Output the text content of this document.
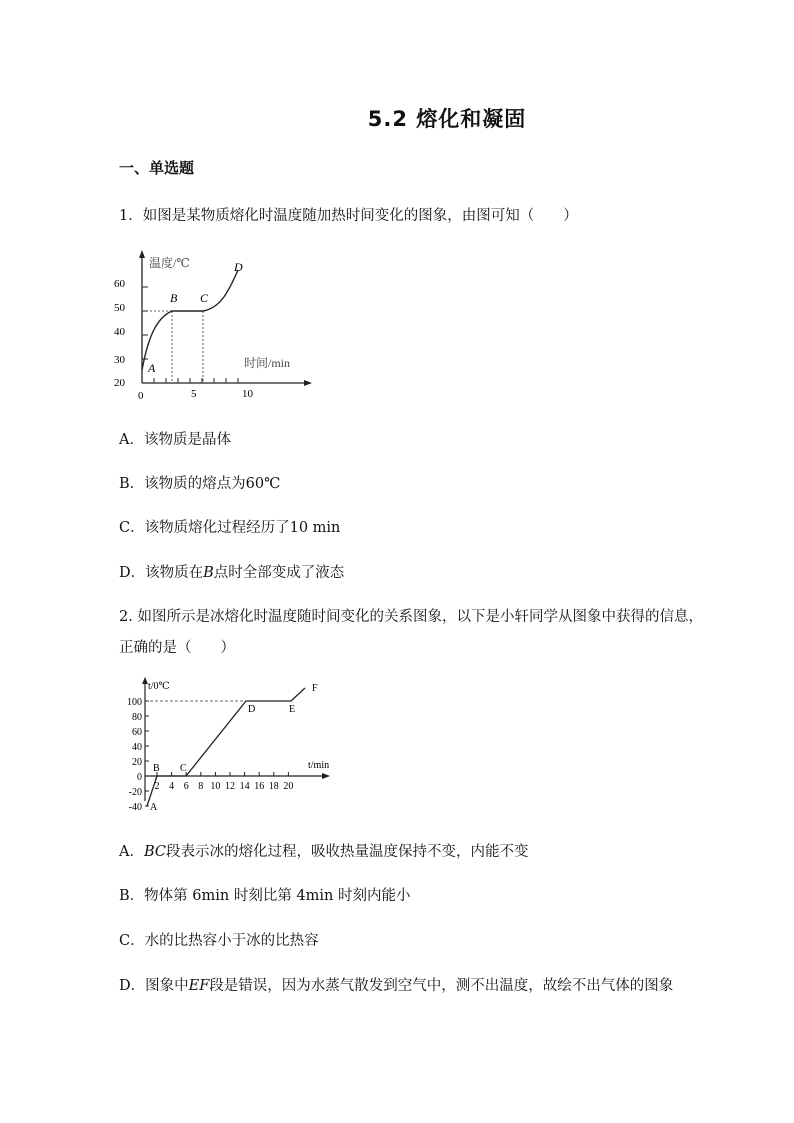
5.2 熔化和凝固
一、单选题
1．如图是某物质熔化时温度随加热时间变化的图象，由图可知（　　）
60
50
40
30
20
0	5	10
温度/℃
时间/min
A
B C
D
A．该物质是晶体
B．该物质的熔点为60℃
C．该物质熔化过程经历了10 min
D．该物质在B点时全部变成了液态
2. 如图所示是冰熔化时温度随时间变化的关系图象，以下是小轩同学从图象中获得的信息，
正确的是（　　）
t/0℃
t/min
100
80
60
40
20
0
-20
-40
2 4 6 8 10 12 14 16 18 20
A
B C
D	E
F
A．BC段表示冰的熔化过程，吸收热量温度保持不变，内能不变
B．物体第 6min 时刻比第 4min 时刻内能小
C．水的比热容小于冰的比热容
D．图象中EF段是错误，因为水蒸气散发到空气中，测不出温度，故绘不出气体的图象
